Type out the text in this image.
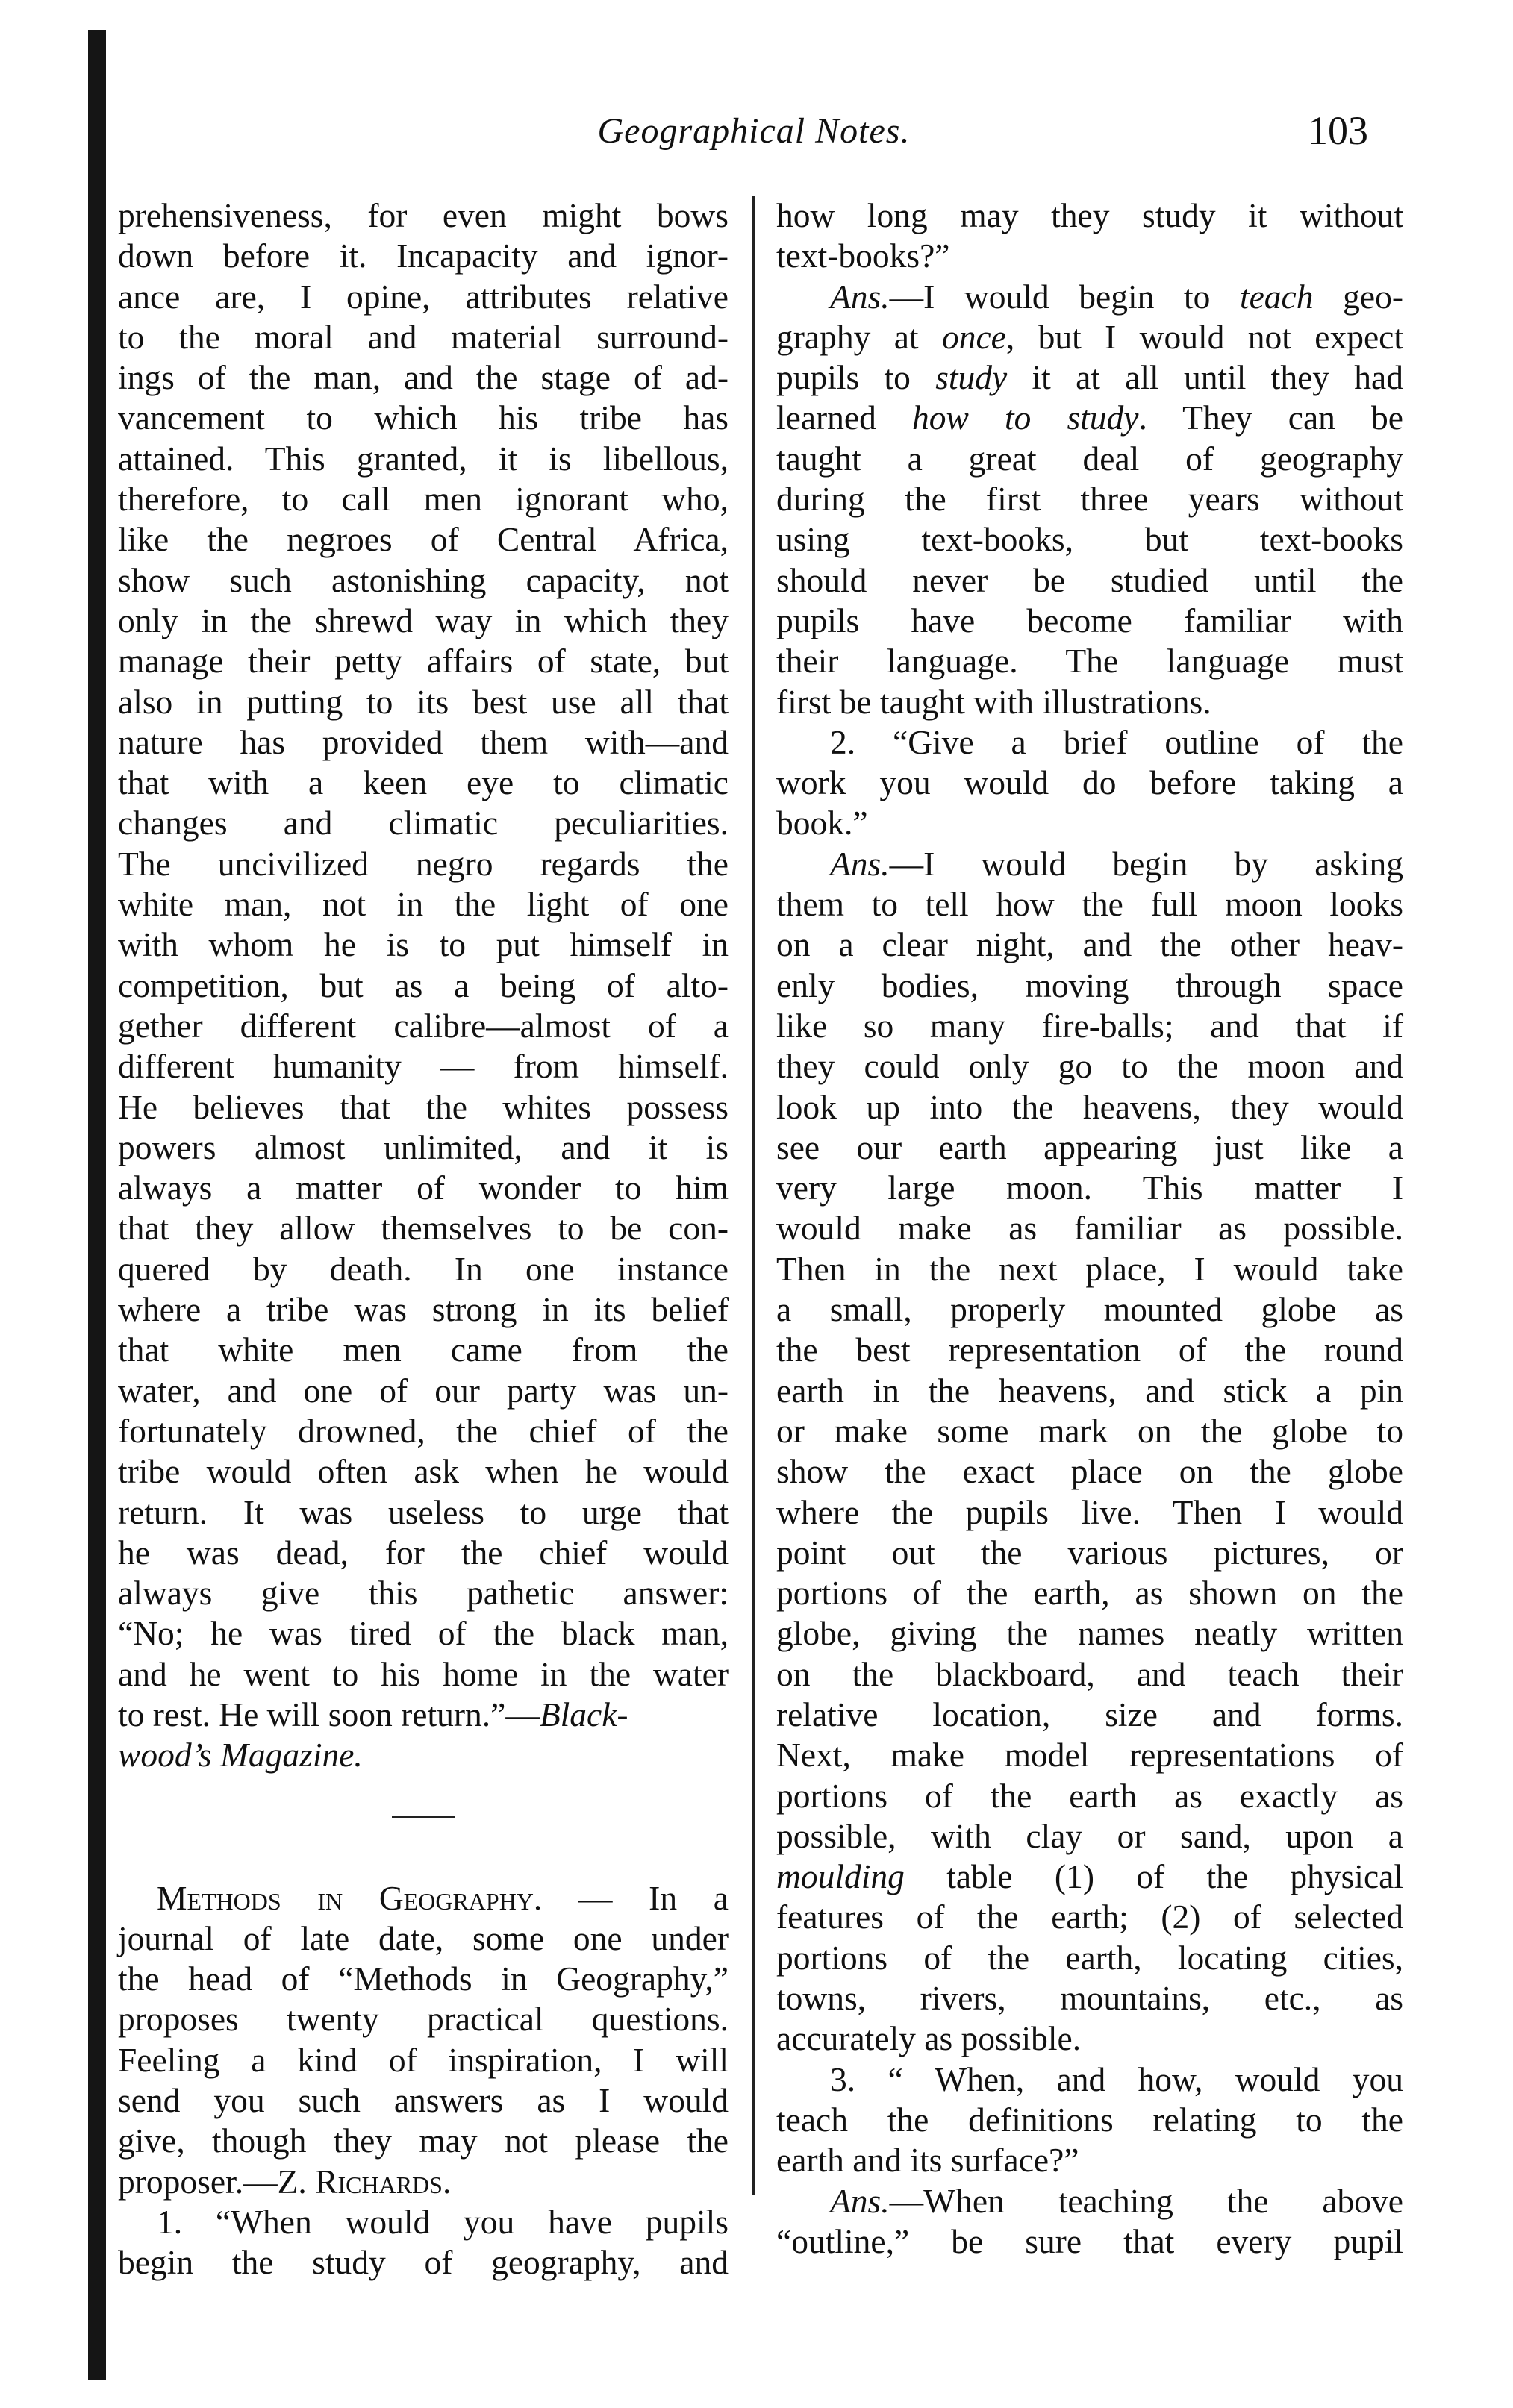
Geographical Notes.	103
prehensiveness, for even might bows
down before it. Incapacity and ignor-
ance are, I opine, attributes relative
to the moral and material surround-
ings of the man, and the stage of ad-
vancement to which his tribe has
attained. This granted, it is libellous,
therefore, to call men ignorant who,
like the negroes of Central Africa,
show such astonishing capacity, not
only in the shrewd way in which they
manage their petty affairs of state, but
also in putting to its best use all that
nature has provided them with—and
that with a keen eye to climatic
changes and climatic peculiarities.
The uncivilized negro regards the
white man, not in the light of one
with whom he is to put himself in
competition, but as a being of alto-
gether different calibre—almost of a
different humanity — from himself.
He believes that the whites possess
powers almost unlimited, and it is
always a matter of wonder to him
that they allow themselves to be con-
quered by death. In one instance
where a tribe was strong in its belief
that white men came from the
water, and one of our party was un-
fortunately drowned, the chief of the
tribe would often ask when he would
return. It was useless to urge that
he was dead, for the chief would
always give this pathetic answer:
“No; he was tired of the black man,
and he went to his home in the water
to rest. He will soon return.”—Black-
wood’s Magazine.
Methods in Geography. — In a
journal of late date, some one under
the head of “Methods in Geography,”
proposes twenty practical questions.
Feeling a kind of inspiration, I will
send you such answers as I would
give, though they may not please the
proposer.—Z. Richards.
1. “When would you have pupils
begin the study of geography, and
how long may they study it without
text-books?”
Ans.—I would begin to teach geo-
graphy at once, but I would not expect
pupils to study it at all until they had
learned how to study. They can be
taught a great deal of geography
during the first three years without
using text-books, but text-books
should never be studied until the
pupils have become familiar with
their language. The language must
first be taught with illustrations.
2. “Give a brief outline of the
work you would do before taking a
book.”
Ans.—I would begin by asking
them to tell how the full moon looks
on a clear night, and the other heav-
enly bodies, moving through space
like so many fire-balls; and that if
they could only go to the moon and
look up into the heavens, they would
see our earth appearing just like a
very large moon. This matter I
would make as familiar as possible.
Then in the next place, I would take
a small, properly mounted globe as
the best representation of the round
earth in the heavens, and stick a pin
or make some mark on the globe to
show the exact place on the globe
where the pupils live. Then I would
point out the various pictures, or
portions of the earth, as shown on the
globe, giving the names neatly written
on the blackboard, and teach their
relative location, size and forms.
Next, make model representations of
portions of the earth as exactly as
possible, with clay or sand, upon a
moulding table (1) of the physical
features of the earth; (2) of selected
portions of the earth, locating cities,
towns, rivers, mountains, etc., as
accurately as possible.
3. “ When, and how, would you
teach the definitions relating to the
earth and its surface?”
Ans.—When teaching the above
“outline,” be sure that every pupil
